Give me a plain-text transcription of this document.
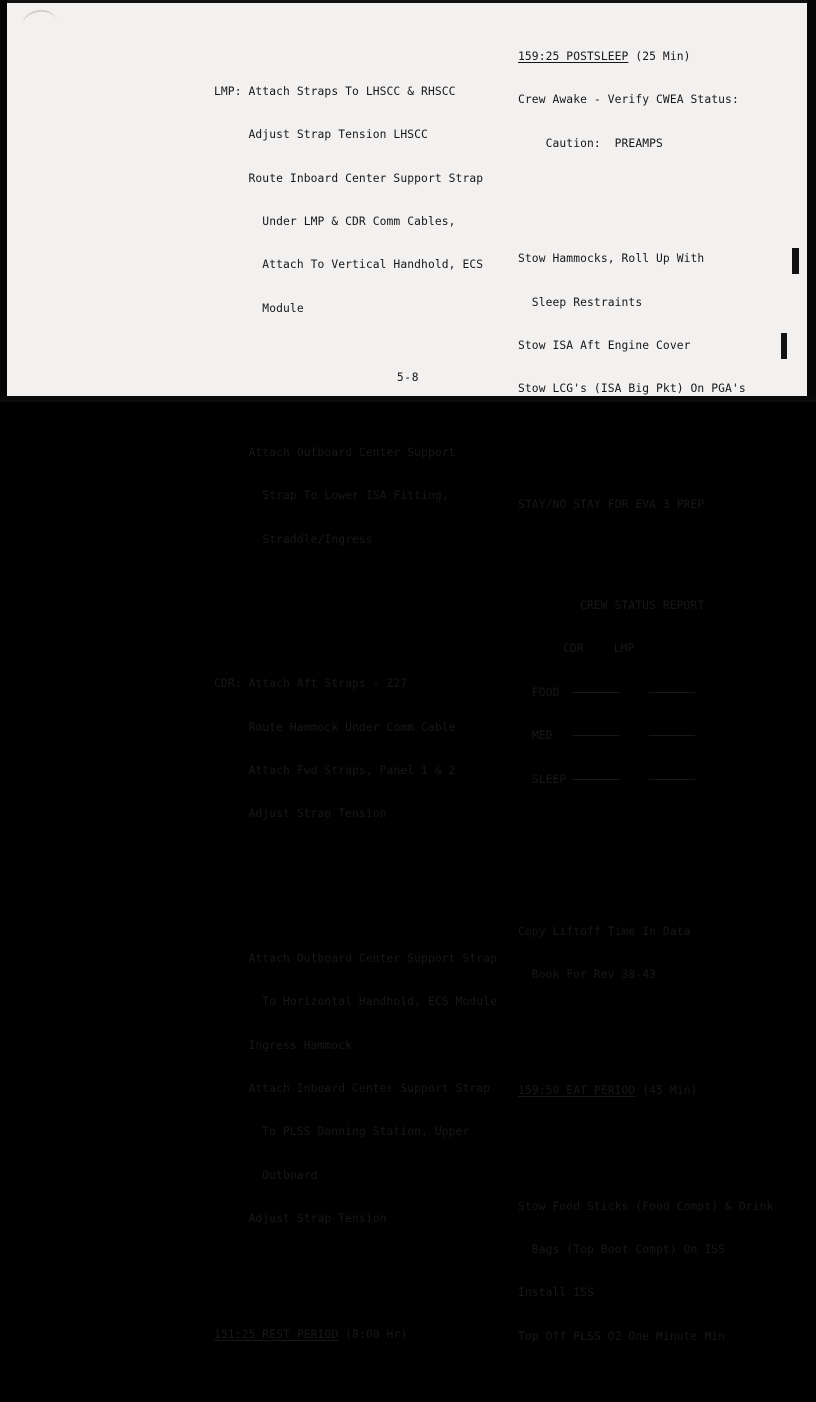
LMP: Attach Straps To LHSCC & RHSCC

Adjust Strap Tension LHSCC

Route Inboard Center Support Strap

Under LMP & CDR Comm Cables,

Attach To Vertical Handhold, ECS

Module

Attach Outboard Center Support

Strap To Lower ISA Fitting,

Straddle/Ingress

CDR: Attach Aft Straps - Z27

Route Hammock Under Comm Cable

Attach Fwd Straps, Panel 1 & 2

Adjust Strap Tension

Attach Outboard Center Support Strap

To Horizontal Handhold, ECS Module

Ingress Hammock

Attach Inboard Center Support Strap

To PLSS Donning Station, Upper

Outboard

Adjust Strap Tension

151:25 REST PERIOD (8:00 Hr)

159:25 POSTSLEEP (25 Min)

Crew Awake - Verify CWEA Status:

Caution:  PREAMPS

Stow Hammocks, Roll Up With

Sleep Restraints

Stow ISA Aft Engine Cover

Stow LCG's (ISA Big Pkt) On PGA's

STAY/NO STAY FOR EVA 3 PREP

CREW STATUS REPORT

CDR	LMP

FOOD

MED

SLEEP

Copy Liftoff Time In Data

Book For Rev 38-43

159:50 EAT PERIOD (45 Min)

Stow Food Sticks (Food Compt) & Drink

Bags (Top Boot Compt) On ISS

Install ISS

Top Off PLSS O2 One Minute Min

5-8
